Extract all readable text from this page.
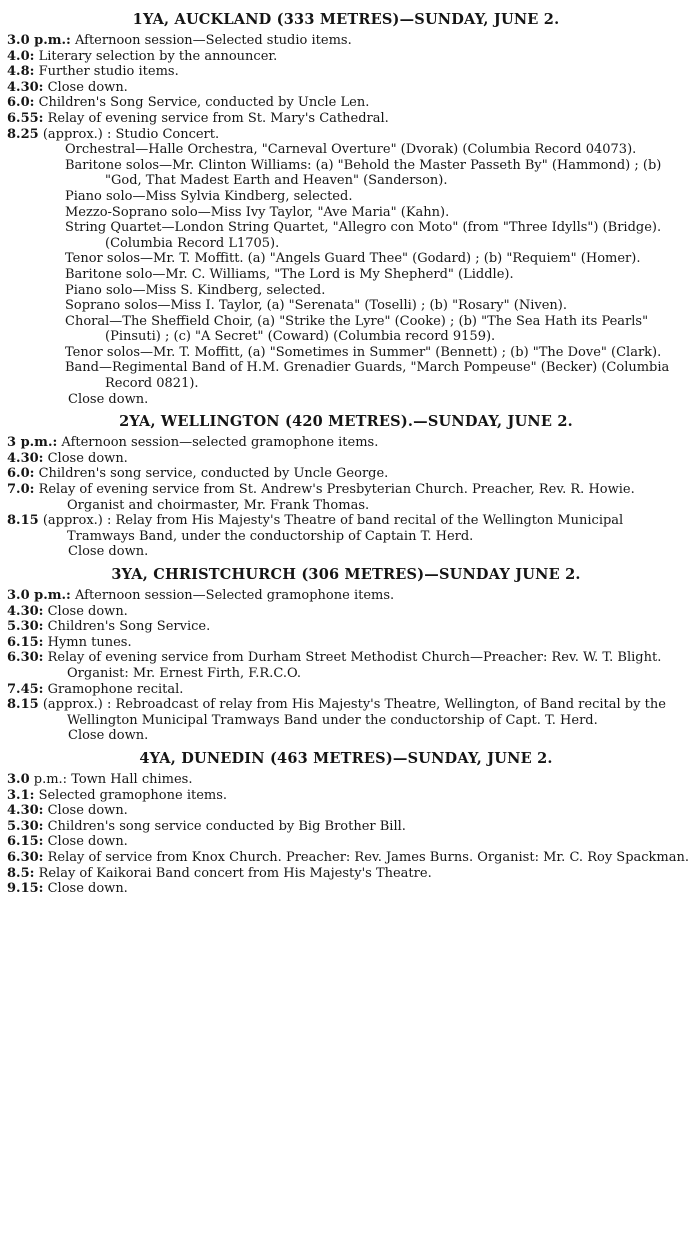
1YA, AUCKLAND (333 METRES)—SUNDAY, JUNE 2.

3.0 p.m.: Afternoon session—Selected studio items.

4.0: Literary selection by the announcer.

4.8: Further studio items.

4.30: Close down.

6.0: Children's Song Service, conducted by Uncle Len.

6.55: Relay of evening service from St. Mary's Cathedral.

8.25 (approx.) : Studio Concert.

Orchestral—Halle Orchestra, "Carneval Overture" (Dvorak) (Columbia Record 04073).

Baritone solos—Mr. Clinton Williams: (a) "Behold the Master Passeth By" (Hammond) ; (b) "God, That Madest Earth and Heaven" (Sanderson).

Piano solo—Miss Sylvia Kindberg, selected.

Mezzo-Soprano solo—Miss Ivy Taylor, "Ave Maria" (Kahn).

String Quartet—London String Quartet, "Allegro con Moto" (from "Three Idylls") (Bridge). (Columbia Record L1705).

Tenor solos—Mr. T. Moffitt. (a) "Angels Guard Thee" (Godard) ; (b) "Requiem" (Homer).

Baritone solo—Mr. C. Williams, "The Lord is My Shepherd" (Liddle).

Piano solo—Miss S. Kindberg, selected.

Soprano solos—Miss I. Taylor, (a) "Serenata" (Toselli) ; (b) "Rosary" (Niven).

Choral—The Sheffield Choir, (a) "Strike the Lyre" (Cooke) ; (b) "The Sea Hath its Pearls" (Pinsuti) ; (c) "A Secret" (Coward) (Columbia record 9159).

Tenor solos—Mr. T. Moffitt, (a) "Sometimes in Summer" (Bennett) ; (b) "The Dove" (Clark).

Band—Regimental Band of H.M. Grenadier Guards, "March Pompeuse" (Becker) (Columbia Record 0821).

Close down.

2YA, WELLINGTON (420 METRES).—SUNDAY, JUNE 2.

3 p.m.: Afternoon session—selected gramophone items.

4.30: Close down.

6.0: Children's song service, conducted by Uncle George.

7.0: Relay of evening service from St. Andrew's Presbyterian Church. Preacher, Rev. R. Howie. Organist and choirmaster, Mr. Frank Thomas.

8.15 (approx.) : Relay from His Majesty's Theatre of band recital of the Wellington Municipal Tramways Band, under the conductorship of Captain T. Herd.

Close down.

3YA, CHRISTCHURCH (306 METRES)—SUNDAY JUNE 2.

3.0 p.m.: Afternoon session—Selected gramophone items.

4.30: Close down.

5.30: Children's Song Service.

6.15: Hymn tunes.

6.30: Relay of evening service from Durham Street Methodist Church—Preacher: Rev. W. T. Blight. Organist: Mr. Ernest Firth, F.R.C.O.

7.45: Gramophone recital.

8.15 (approx.) : Rebroadcast of relay from His Majesty's Theatre, Wellington, of Band recital by the Wellington Municipal Tramways Band under the conductorship of Capt. T. Herd.

Close down.

4YA, DUNEDIN (463 METRES)—SUNDAY, JUNE 2.

3.0 p.m.: Town Hall chimes.

3.1: Selected gramophone items.

4.30: Close down.

5.30: Children's song service conducted by Big Brother Bill.

6.15: Close down.

6.30: Relay of service from Knox Church. Preacher: Rev. James Burns. Organist: Mr. C. Roy Spackman.

8.5: Relay of Kaikorai Band concert from His Majesty's Theatre.

9.15: Close down.
